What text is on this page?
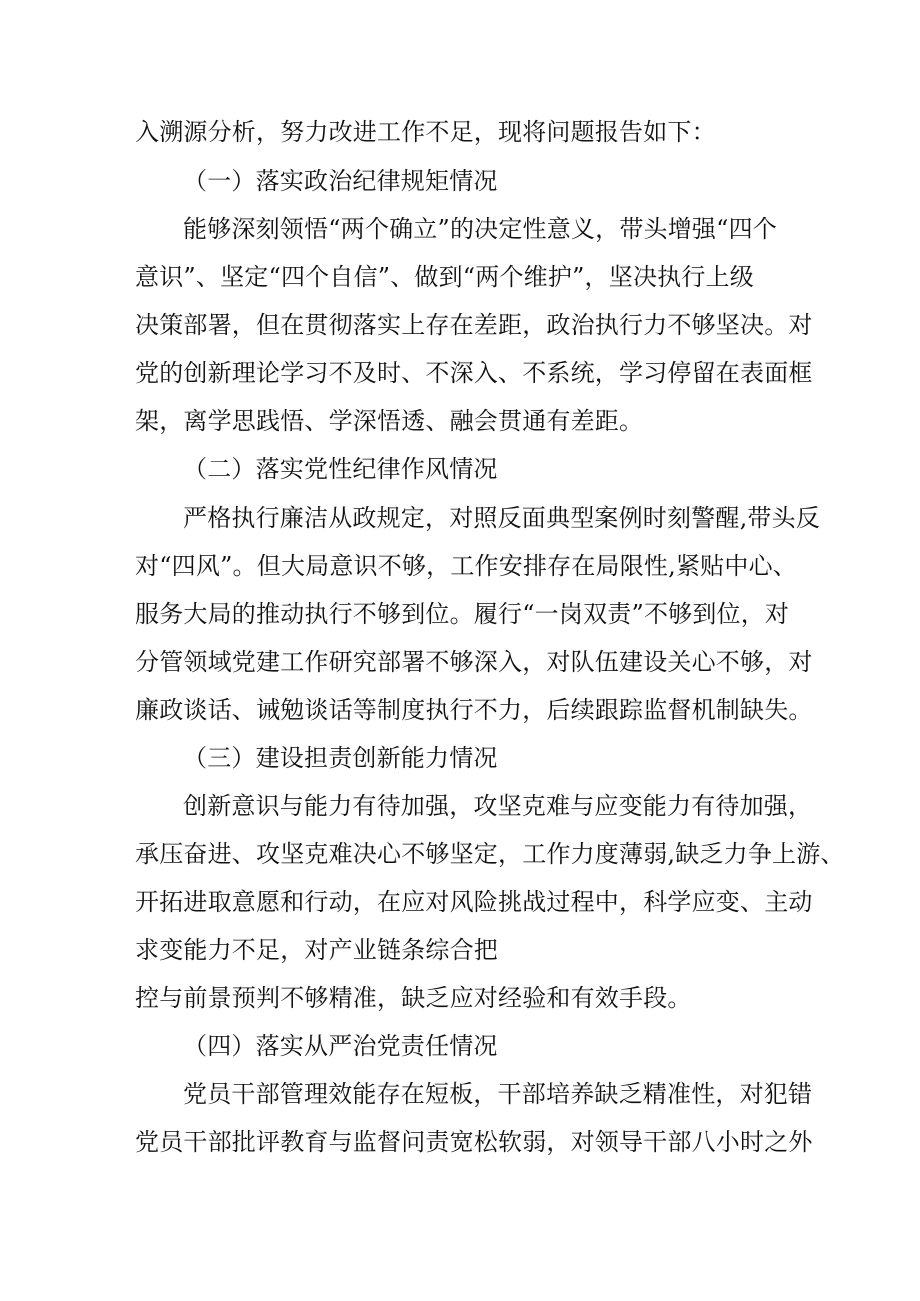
入溯源分析，努力改进工作不足，现将问题报告如下：
（一）落实政治纪律规矩情况
能够深刻领悟“两个确立”的决定性意义，带头增强“四个
意识”、坚定“四个自信”、做到“两个维护”，坚决执行上级
决策部署，但在贯彻落实上存在差距，政治执行力不够坚决。对
党的创新理论学习不及时、不深入、不系统，学习停留在表面框
架，离学思践悟、学深悟透、融会贯通有差距。
（二）落实党性纪律作风情况
严格执行廉洁从政规定，对照反面典型案例时刻警醒,带头反
对“四风”。但大局意识不够，工作安排存在局限性,紧贴中心、
服务大局的推动执行不够到位。履行“一岗双责”不够到位，对
分管领域党建工作研究部署不够深入，对队伍建设关心不够，对
廉政谈话、诫勉谈话等制度执行不力，后续跟踪监督机制缺失。
（三）建设担责创新能力情况
创新意识与能力有待加强，攻坚克难与应变能力有待加强，
承压奋进、攻坚克难决心不够坚定，工作力度薄弱,缺乏力争上游、
开拓进取意愿和行动，在应对风险挑战过程中，科学应变、主动
求变能力不足，对产业链条综合把
控与前景预判不够精准，缺乏应对经验和有效手段。
（四）落实从严治党责任情况
党员干部管理效能存在短板，干部培养缺乏精准性，对犯错
党员干部批评教育与监督问责宽松软弱，对领导干部八小时之外
